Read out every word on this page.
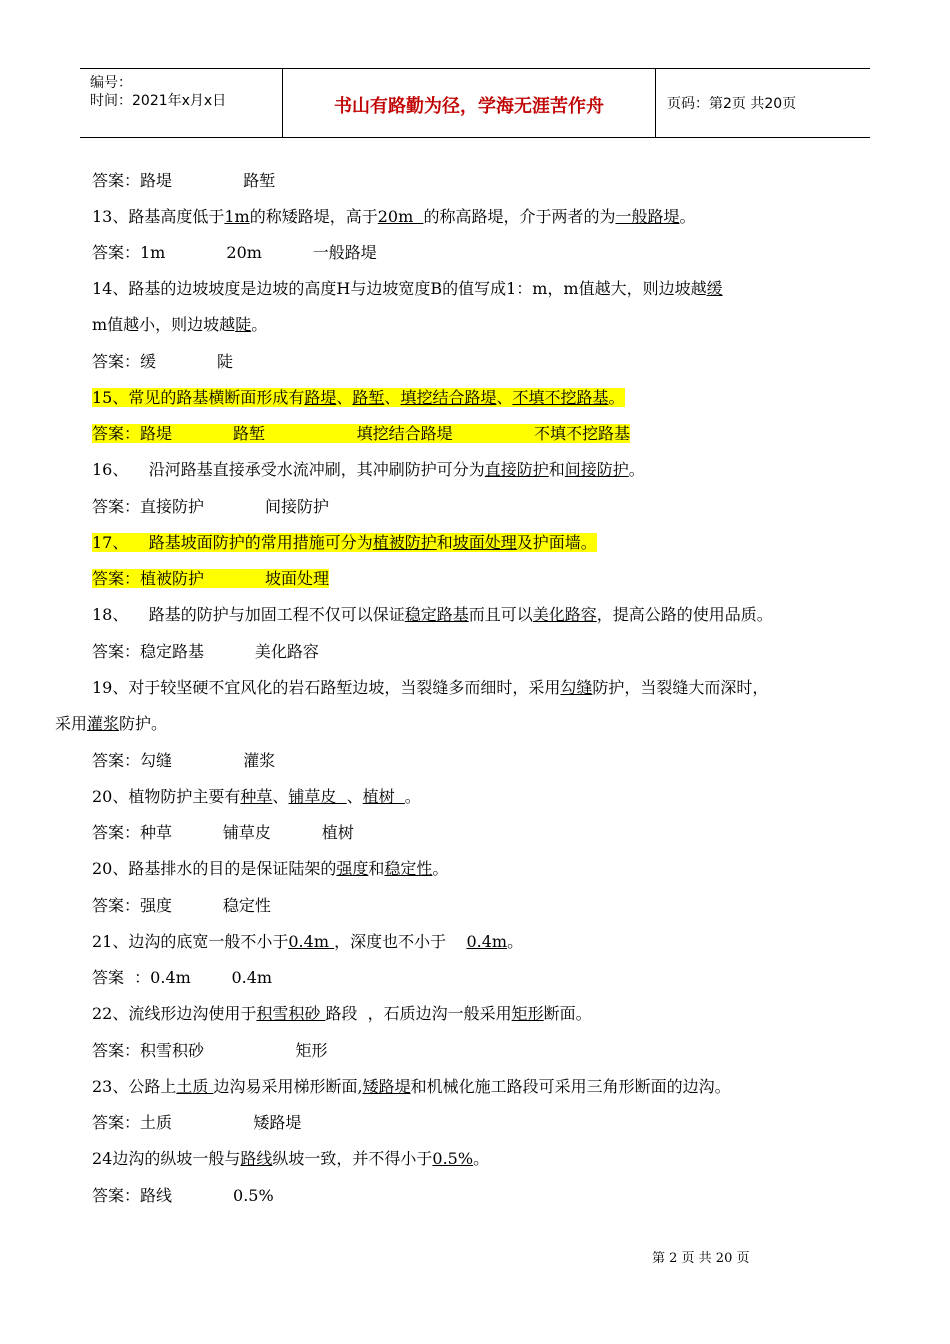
编号：
时间：2021年x月x日	书山有路勤为径，学海无涯苦作舟	页码：第2页 共20页
答案：路堤              路堑
13、路基高度低于1m的称矮路堤，高于20m  的称高路堤，介于两者的为一般路堤。
答案：1m            20m          一般路堤
14、路基的边坡坡度是边坡的高度H与边坡宽度B的值写成1：m，m值越大，则边坡越缓
m值越小，则边坡越陡。
答案：缓            陡
15、常见的路基横断面形成有路堤、路堑、填挖结合路堤、不填不挖路基。
答案：路堤            路堑                  填挖结合路堤                不填不挖路基
16、    沿河路基直接承受水流冲刷，其冲刷防护可分为直接防护和间接防护。
答案：直接防护            间接防护
17、    路基坡面防护的常用措施可分为植被防护和坡面处理及护面墙。
答案：植被防护            坡面处理
18、    路基的防护与加固工程不仅可以保证稳定路基而且可以美化路容，提高公路的使用品质。
答案：稳定路基          美化路容
19、对于较坚硬不宜风化的岩石路堑边坡，当裂缝多而细时，采用勾缝防护，当裂缝大而深时，
采用灌浆防护。
答案：勾缝              灌浆
20、植物防护主要有种草、铺草皮  、植树  。
答案：种草          铺草皮          植树
20、路基排水的目的是保证陆架的强度和稳定性。
答案：强度          稳定性
21、边沟的底宽一般不小于0.4m ，深度也不小于    0.4m。
答案  ：0.4m        0.4m
22、流线形边沟使用于积雪积砂 路段  ，石质边沟一般采用矩形断面。
答案：积雪积砂                  矩形
23、公路上土质 边沟易采用梯形断面,矮路堤和机械化施工路段可采用三角形断面的边沟。
答案：土质                矮路堤
24边沟的纵坡一般与路线纵坡一致，并不得小于0.5%。
答案：路线            0.5%
第 2 页 共 20 页
